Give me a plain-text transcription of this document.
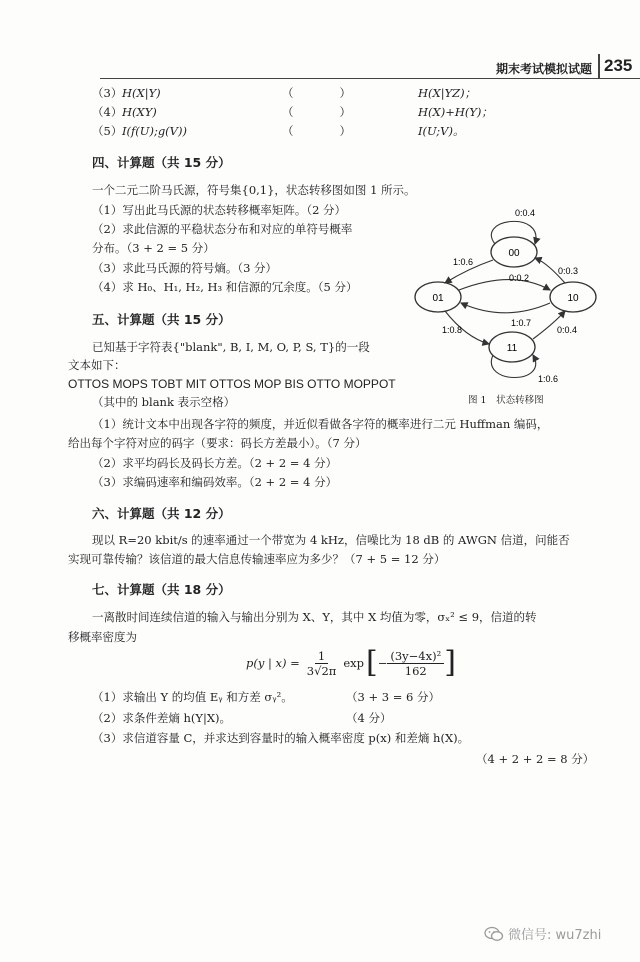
期末考试模拟试题 235
（3） H(X|Y)	（　　　　）	H(X|YZ)；
（4） H(XY)	（　　　　）	H(X)+H(Y)；
（5） I(f(U);g(V))	（　　　　）	I(U;V)。
四、计算题（共 15 分）
一个二元二阶马氏源，符号集{0,1}，状态转移图如图 1 所示。
（1）写出此马氏源的状态转移概率矩阵。（2 分）
（2）求此信源的平稳状态分布和对应的单符号概率
分布。（3 + 2 = 5 分）
（3）求此马氏源的符号熵。（3 分）
（4）求 H₀、H₁, H₂, H₃ 和信源的冗余度。（5 分）
00
01	10
11
0:0.4
1:0.6
0:0.2
0:0.3
1:0.7
1:0.8	0:0.4
1:0.6
图 1　状态转移图
五、计算题（共 15 分）
已知基于字符表{"blank", B, I, M, O, P, S, T}的一段
文本如下：
OTTOS MOPS TOBT MIT OTTOS MOP BIS OTTO MOPPOT
（其中的 blank 表示空格）
（1）统计文本中出现各字符的频度，并近似看做各字符的概率进行二元 Huffman 编码，
给出每个字符对应的码字（要求：码长方差最小）。（7 分）
（2）求平均码长及码长方差。（2 + 2 = 4 分）
（3）求编码速率和编码效率。（2 + 2 = 4 分）
六、计算题（共 12 分）
现以 R=20 kbit/s 的速率通过一个带宽为 4 kHz，信噪比为 18 dB 的 AWGN 信道，问能否
实现可靠传输？该信道的最大信息传输速率应为多少？（7 + 5 = 12 分）
七、计算题（共 18 分）
一离散时间连续信道的输入与输出分别为 X、Y，其中 X 均值为零，σₓ² ≤ 9，信道的转
移概率密度为
p(y | $x) = \frac{1}{3√2\pi}$ exp [ − $\frac{\text{(3y−4x)²}}{162}$ ]
（1）求输出 Y 的均值 Eᵧ 和方差 σᵧ²。	（3 + 3 = 6 分）
（2）求条件差熵 h(Y|X)。	（4 分）
（3）求信道容量 C，并求达到容量时的输入概率密度 p(x) 和差熵 h(X)。
（4 + 2 + 2 = 8 分）
微信号: wu7zhi
